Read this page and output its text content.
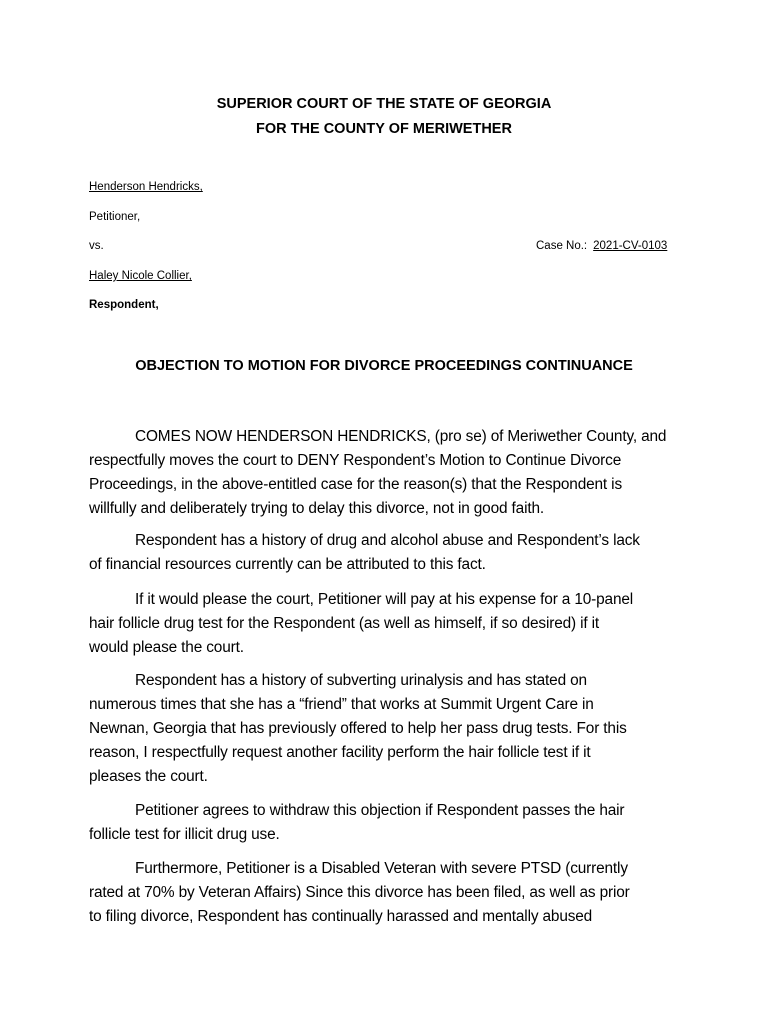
SUPERIOR COURT OF THE STATE OF GEORGIA
FOR THE COUNTY OF MERIWETHER
Henderson Hendricks,
Petitioner,
vs.	Case No.: 2021-CV-0103
Haley Nicole Collier,
Respondent,
OBJECTION TO MOTION FOR DIVORCE PROCEEDINGS CONTINUANCE
COMES NOW HENDERSON HENDRICKS, (pro se) of Meriwether County, and
respectfully moves the court to DENY Respondent’s Motion to Continue Divorce
Proceedings, in the above-entitled case for the reason(s) that the Respondent is
willfully and deliberately trying to delay this divorce, not in good faith.
Respondent has a history of drug and alcohol abuse and Respondent’s lack
of financial resources currently can be attributed to this fact.
If it would please the court, Petitioner will pay at his expense for a 10-panel
hair follicle drug test for the Respondent (as well as himself, if so desired) if it
would please the court.
Respondent has a history of subverting urinalysis and has stated on
numerous times that she has a “friend” that works at Summit Urgent Care in
Newnan, Georgia that has previously offered to help her pass drug tests. For this
reason, I respectfully request another facility perform the hair follicle test if it
pleases the court.
Petitioner agrees to withdraw this objection if Respondent passes the hair
follicle test for illicit drug use.
Furthermore, Petitioner is a Disabled Veteran with severe PTSD (currently
rated at 70% by Veteran Affairs) Since this divorce has been filed, as well as prior
to filing divorce, Respondent has continually harassed and mentally abused
